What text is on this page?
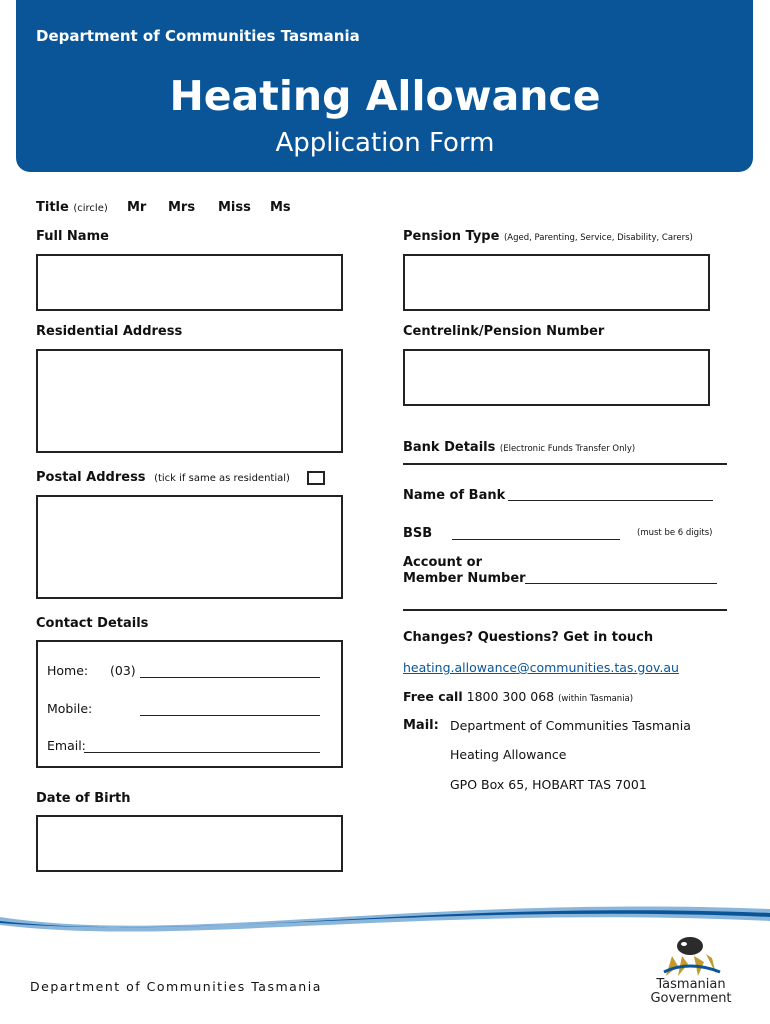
Department of Communities Tasmania
Heating Allowance
Application Form
Title (circle) Mr Mrs Miss Ms
Full Name	Pension Type (Aged, Parenting, Service, Disability, Carers)
Residential Address	Centrelink/Pension Number
Bank Details (Electronic Funds Transfer Only)
Name of Bank
BSB	(must be 6 digits)
Account or
Member Number
Postal Address (tick if same as residential)
Contact Details
Home: (03)
Mobile:
Email:
Date of Birth
Changes? Questions? Get in touch
heating.allowance@communities.tas.gov.au
Free call 1800 300 068 (within Tasmania)
Mail: Department of Communities Tasmania
Heating Allowance
GPO Box 65, HOBART TAS 7001
Department of Communities Tasmania	Tasmanian
Government
